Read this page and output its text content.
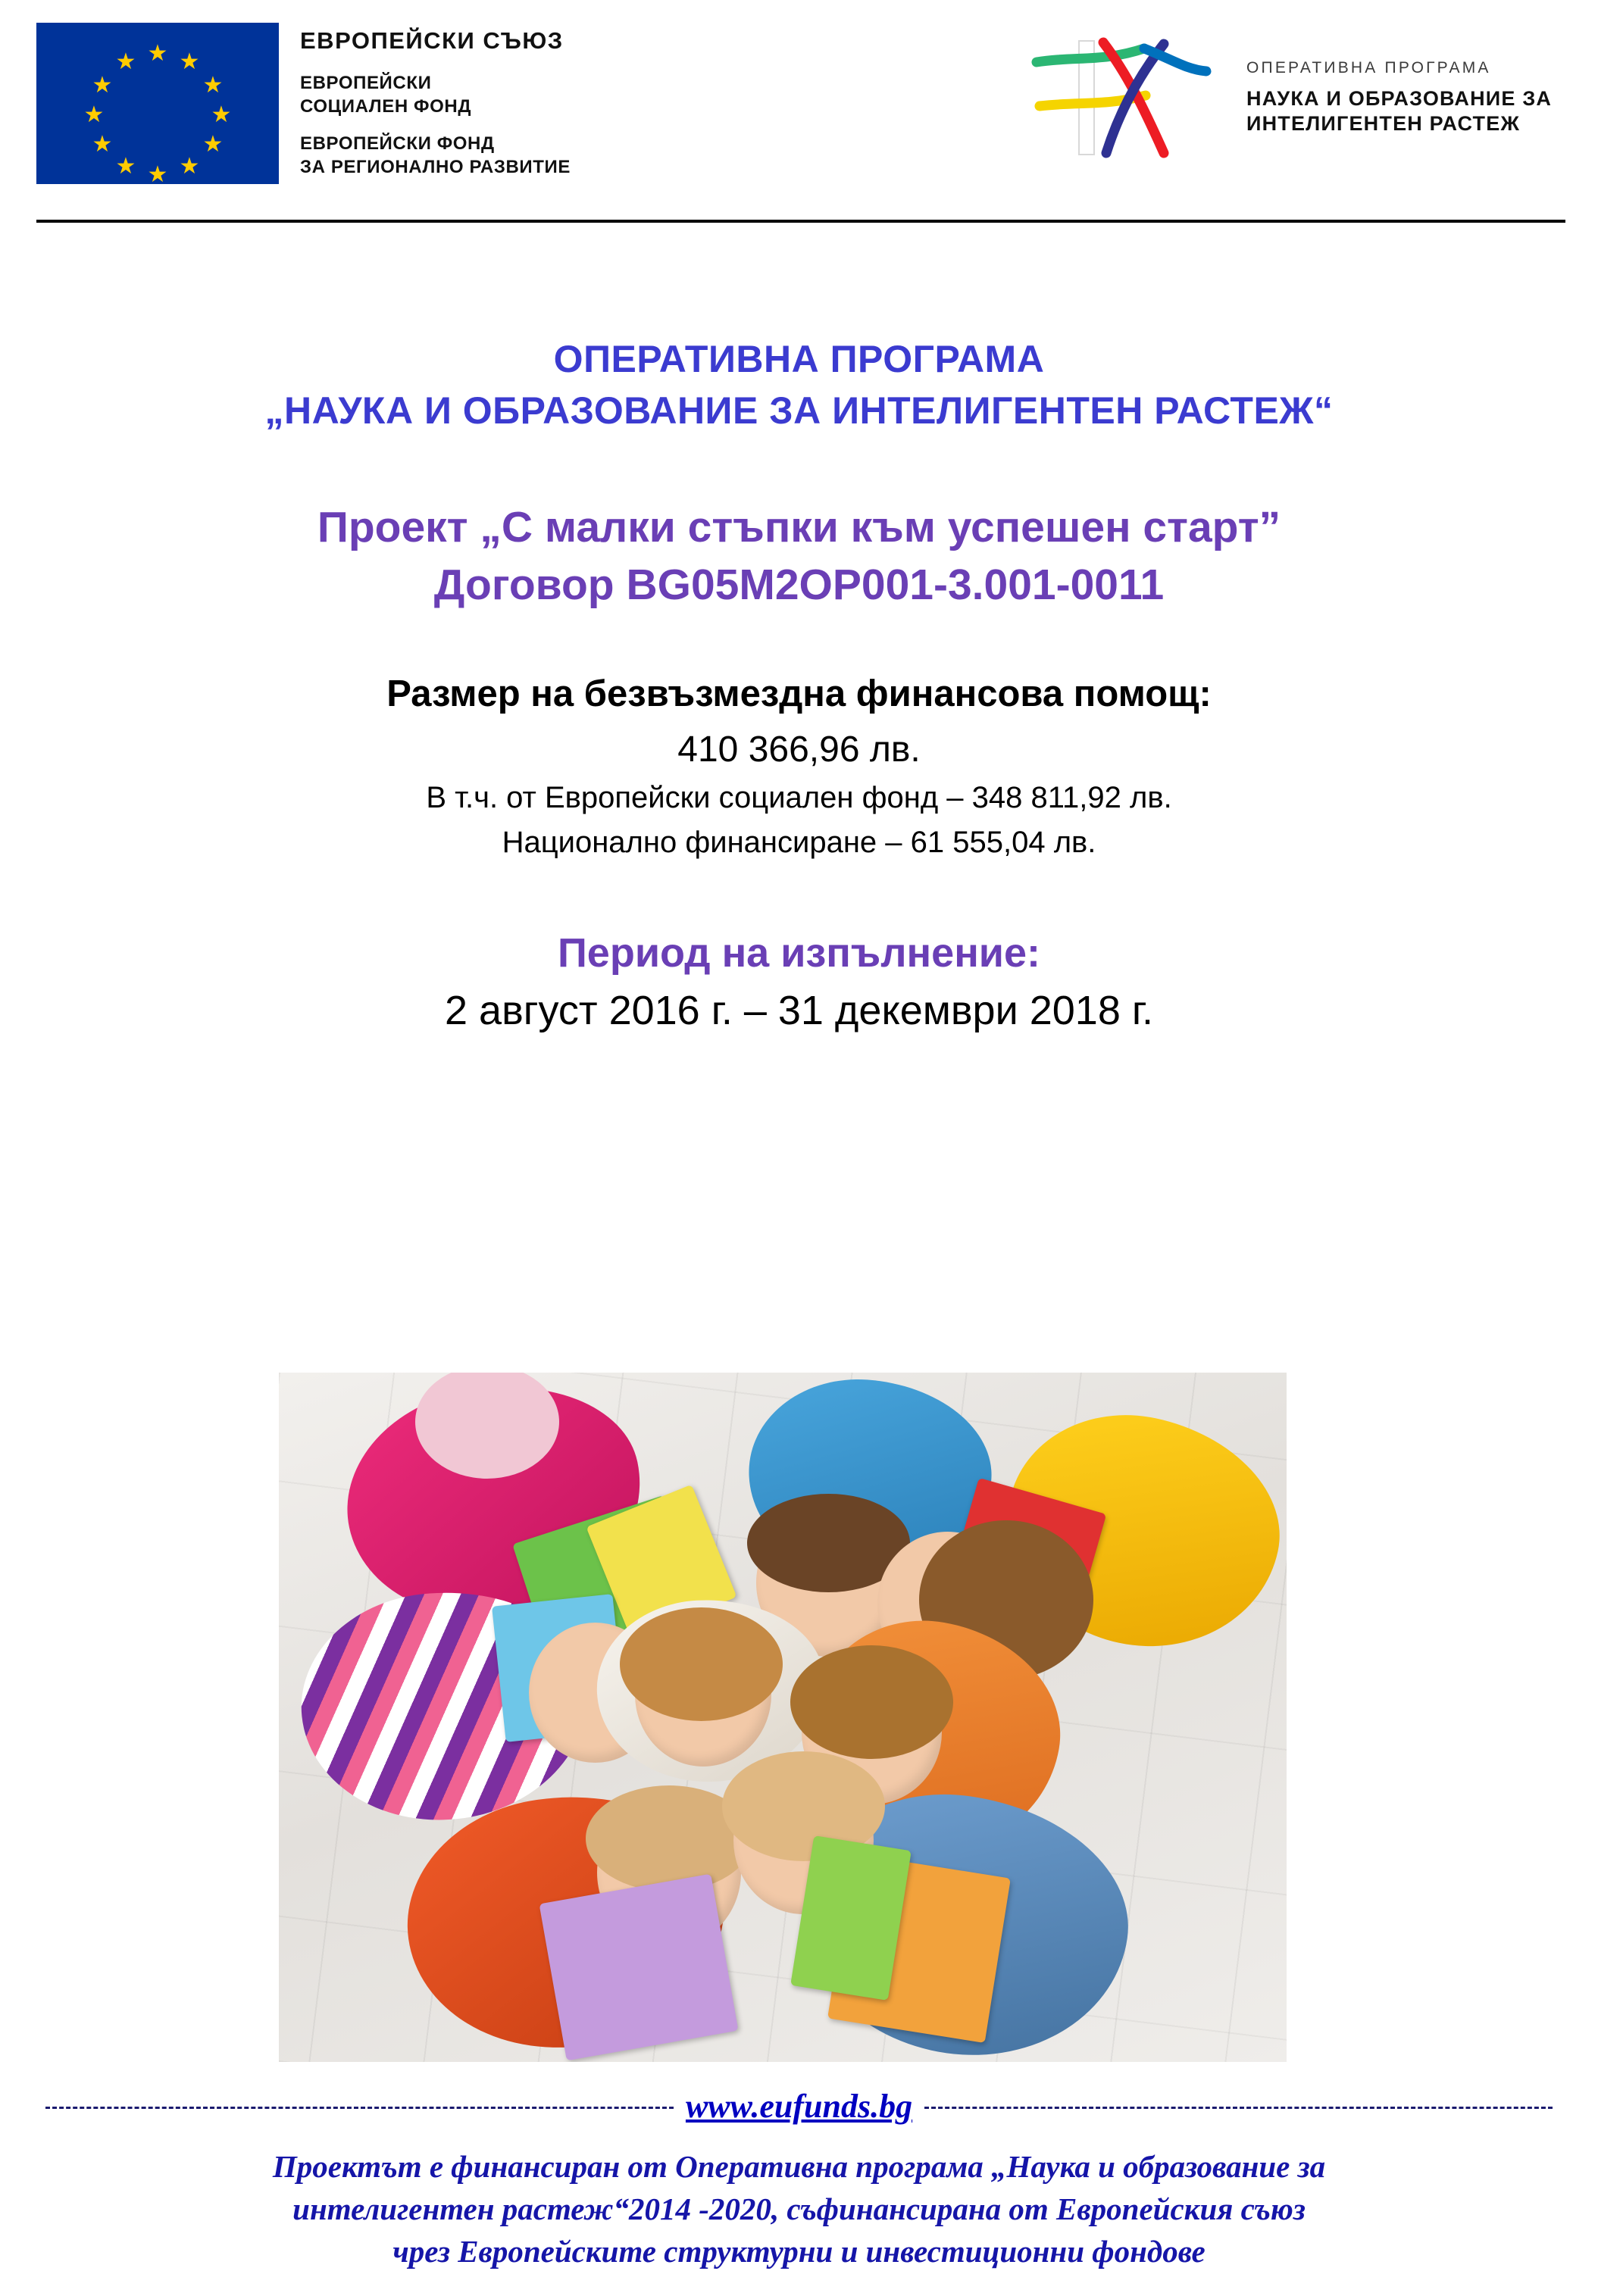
★
★ ★
★	★
★	★
★	★
★ ★
★
ЕВРОПЕЙСКИ СЪЮЗ
ЕВРОПЕЙСКИ
СОЦИАЛЕН ФОНД
ЕВРОПЕЙСКИ ФОНД
ЗА РЕГИОНАЛНО РАЗВИТИЕ
ОПЕРАТИВНА ПРОГРАМА
НАУКА И ОБРАЗОВАНИЕ ЗА
ИНТЕЛИГЕНТЕН РАСТЕЖ
ОПЕРАТИВНА ПРОГРАМА
„НАУКА И ОБРАЗОВАНИЕ ЗА ИНТЕЛИГЕНТЕН РАСТЕЖ“
Проект „С малки стъпки към успешен старт”
Договор BG05M2OP001-3.001-0011
Размер на безвъзмездна финансова помощ:
410 366,96 лв.
В т.ч. от Европейски социален фонд – 348 811,92 лв.
Национално финансиране – 61 555,04 лв.
Период на изпълнение:
2 август 2016 г. – 31 декември 2018 г.
www.eufunds.bg
Проектът е финансиран от Оперативна програма „Наука и образование за
интелигентен растеж“2014 -2020, съфинансирана от Европейския съюз
чрез Европейските структурни и инвестиционни фондове
